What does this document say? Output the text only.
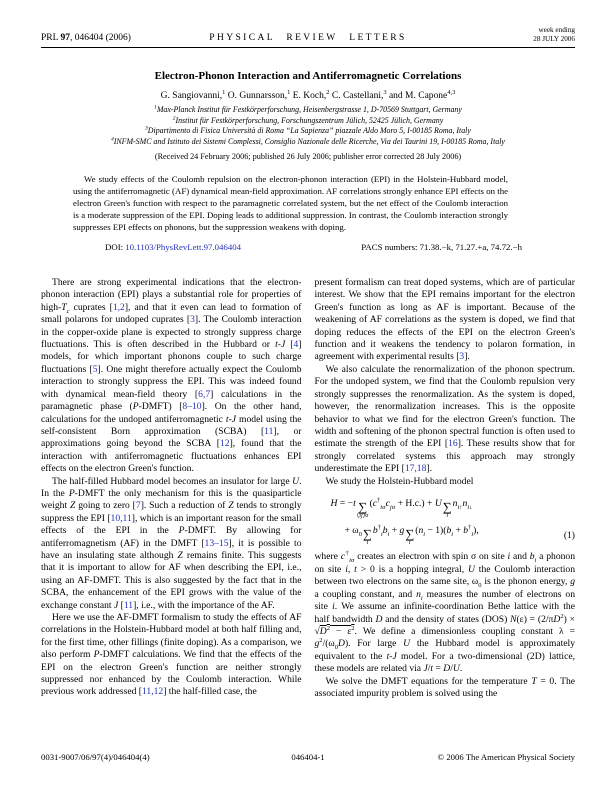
PRL 97, 046404 (2006)	PHYSICAL REVIEW LETTERS
week ending
28 JULY 2006
Electron-Phonon Interaction and Antiferromagnetic Correlations
G. Sangiovanni,$^1$ O. Gunnarsson,$^1$ E. Koch,$^2$ C. Castellani,$^3$ and M. Capone$^{4,3}$
$^1$Max-Planck Institut für Festkörperforschung, Heisenbergstrasse 1, D-70569 Stuttgart, Germany
$^2$Institut für Festkörperforschung, Forschungszentrum Jülich, 52425 Jülich, Germany
$^3$Dipartimento di Fisica Università di Roma “La Sapienza” piazzale Aldo Moro 5, I-00185 Roma, Italy
$^4$INFM-SMC and Istituto dei Sistemi Complessi, Consiglio Nazionale delle Ricerche, Via dei Taurini 19, I-00185 Roma, Italy
(Received 24 February 2006; published 26 July 2006; publisher error corrected 28 July 2006)
We study effects of the Coulomb repulsion on the electron-phonon interaction (EPI) in the Holstein-Hubbard model, using the antiferromagnetic (AF) dynamical mean-field approximation. AF correlations strongly enhance EPI effects on the electron Green's function with respect to the paramagnetic correlated system, but the net effect of the Coulomb interaction is a moderate suppression of the EPI. Doping leads to additional suppression. In contrast, the Coulomb interaction strongly suppresses EPI effects on phonons, but the suppression weakens with doping.
DOI: 10.1103/PhysRevLett.97.046404	PACS numbers: 71.38.−k, 71.27.+a, 74.72.−h

There are strong experimental indications that the electron-phonon interaction (EPI) plays a substantial role for properties of high-$T_c$ cuprates [1,2], and that it even can lead to formation of small polarons for undoped cuprates [3]. The Coulomb interaction in the copper-oxide plane is expected to strongly suppress charge fluctuations. This is often described in the Hubbard or t-J [4] models, for which important phonons couple to such charge fluctuations [5]. One might therefore actually expect the Coulomb interaction to strongly suppress the EPI. This was indeed found with dynamical mean-field theory [6,7] calculations in the paramagnetic phase (P-DMFT) [8–10]. On the other hand, calculations for the undoped antiferromagnetic t-J model using the self-consistent Born approximation (SCBA) [11], or approximations going beyond the SCBA [12], found that the interaction with antiferromagnetic fluctuations enhances EPI effects on the electron Green's function.

The half-filled Hubbard model becomes an insulator for large U. In the P-DMFT the only mechanism for this is the quasiparticle weight Z going to zero [7]. Such a reduction of Z tends to strongly suppress the EPI [10,11], which is an important reason for the small effects of the EPI in the P-DMFT. By allowing for antiferromagnetism (AF) in the DMFT [13–15], it is possible to have an insulating state although Z remains finite. This suggests that it is important to allow for AF when describing the EPI, i.e., using an AF-DMFT. This is also suggested by the fact that in the SCBA, the enhancement of the EPI grows with the value of the exchange constant J [11], i.e., with the importance of the AF.

Here we use the AF-DMFT formalism to study the effects of AF correlations in the Holstein-Hubbard model at both half filling and, for the first time, other fillings (finite doping). As a comparison, we also perform P-DMFT calculations. We find that the effects of the EPI on the electron Green's function are neither strongly suppressed nor enhanced by the Coulomb interaction. While previous work addressed [11,12] the half-filled case, the

present formalism can treat doped systems, which are of particular interest. We show that the EPI remains important for the electron Green's function as long as AF is important. Because of the weakening of AF correlations as the system is doped, we find that doping reduces the effects of the EPI on the electron Green's function and it weakens the tendency to polaron formation, in agreement with experimental results [3].

We also calculate the renormalization of the phonon spectrum. For the undoped system, we find that the Coulomb repulsion very strongly suppresses the renormalization. As the system is doped, however, the renormalization increases. This is the opposite behavior to what we find for the electron Green's function. The width and softening of the phonon spectral function is often used to estimate the strength of the EPI [16]. These results show that for strongly correlated systems this approach may strongly underestimate the EPI [17,18].

We study the Holstein-Hubbard model

H = −t ∑
⟨ij⟩σ
$(c^\dagger_{i\sigma}c_{j\sigma} + H.c.) + U$ ∑
i
$n_{i↑}n_{i↓}$
+ $\omega_0$ ∑
i
$b^\dagger_ib_i + g$ ∑
i
$(n_i - 1)(b_i + b^\dagger_i)$,
(1)

where $c^\dagger_{i\sigma}$ creates an electron with spin σ on site i and $b_i$ a phonon on site i, t > 0 is a hopping integral, U the Coulomb interaction between two electrons on the same site, $\omega_0$ is the phonon energy, g a coupling constant, and $n_i$ measures the number of electrons on site i. We assume an infinite-coordination Bethe lattice with the half bandwidth D and the density of states (DOS) $N(\varepsilon) = (2/\pi D^2) \times √D^2 - \varepsilon^2$. We define a dimensionless coupling constant $\lambda = g^2/(\omega_0D)$. For large U the Hubbard model is approximately equivalent to the t-J model. For a two-dimensional (2D) lattice, these models are related via J/t = D/U.

We solve the DMFT equations for the temperature T = 0. The associated impurity problem is solved using the

0031-9007/06/97(4)/046404(4)	046404-1	© 2006 The American Physical Society
